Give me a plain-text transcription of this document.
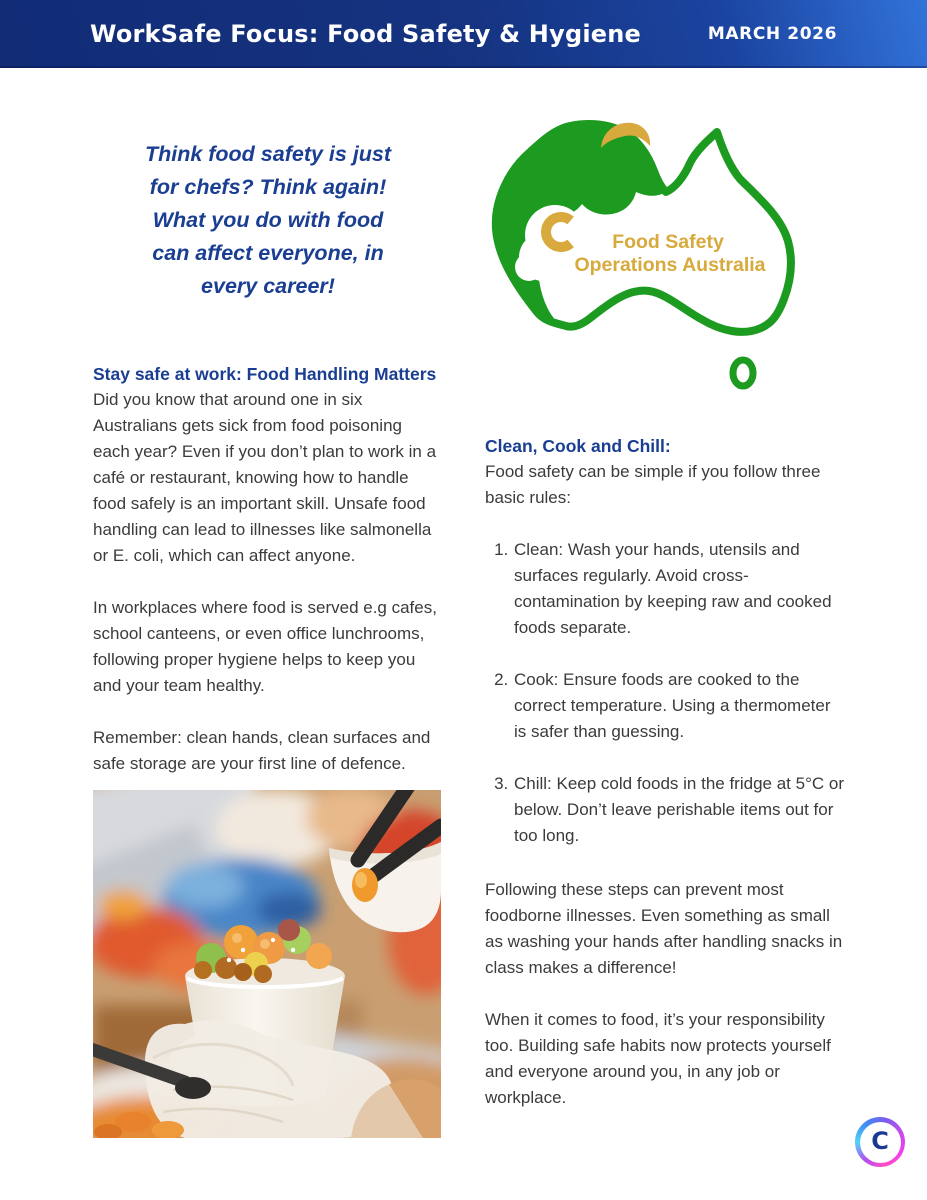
WorkSafe Focus: Food Safety & Hygiene	MARCH 2026
Think food safety is just
for chefs? Think again!
What you do with food
can affect everyone, in
every career!
Stay safe at work: Food Handling Matters

Did you know that around one in six Australians gets sick from food poisoning each year? Even if you don’t plan to work in a café or restaurant, knowing how to handle food safely is an important skill. Unsafe food handling can lead to illnesses like salmonella or E. coli, which can affect anyone.

In workplaces where food is served e.g cafes, school canteens, or even office lunchrooms, following proper hygiene helps to keep you and your team healthy.

Remember: clean hands, clean surfaces and safe storage are your first line of defence.

Food Safety
Operations Australia
Clean, Cook and Chill:

Food safety can be simple if you follow three basic rules:

1. Clean: Wash your hands, utensils and surfaces regularly. Avoid cross-contamination by keeping raw and cooked foods separate.
2. Cook: Ensure foods are cooked to the correct temperature. Using a thermometer is safer than guessing.
3. Chill: Keep cold foods in the fridge at 5°C or below. Don’t leave perishable items out for too long.

Following these steps can prevent most foodborne illnesses. Even something as small as washing your hands after handling snacks in class makes a difference!

When it comes to food, it’s your responsibility too. Building safe habits now protects yourself and everyone around you, in any job or workplace.

C
